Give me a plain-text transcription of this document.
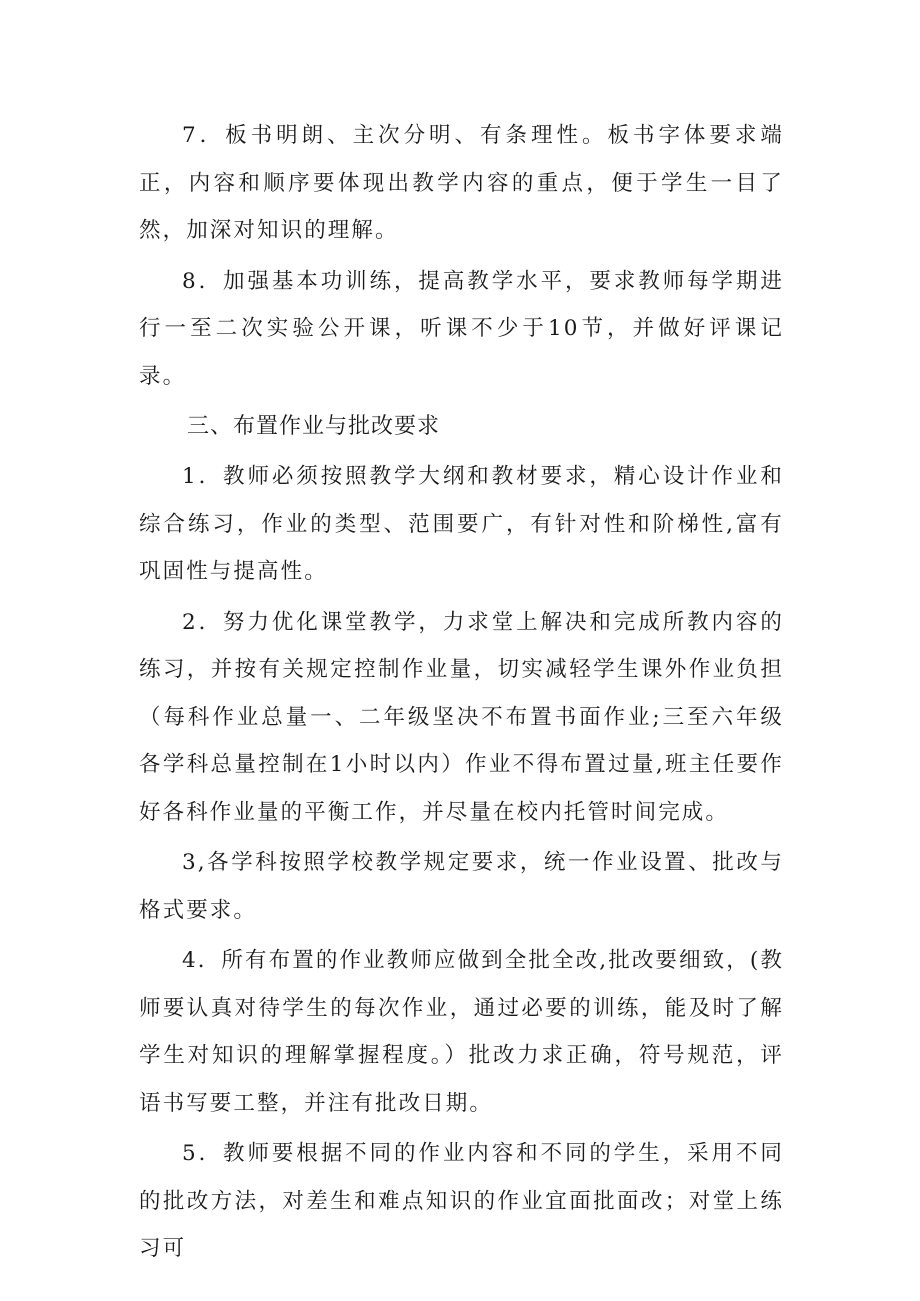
7．板书明朗、主次分明、有条理性。板书字体要求端正，内容和顺序要体现出教学内容的重点，便于学生一目了然，加深对知识的理解。

8．加强基本功训练，提高教学水平，要求教师每学期进行一至二次实验公开课，听课不少于10节，并做好评课记录。

三、布置作业与批改要求

1．教师必须按照教学大纲和教材要求，精心设计作业和综合练习，作业的类型、范围要广，有针对性和阶梯性,富有巩固性与提高性。

2．努力优化课堂教学，力求堂上解决和完成所教内容的练习，并按有关规定控制作业量，切实减轻学生课外作业负担（每科作业总量一、二年级坚决不布置书面作业;三至六年级各学科总量控制在1小时以内）作业不得布置过量,班主任要作好各科作业量的平衡工作，并尽量在校内托管时间完成。

3,各学科按照学校教学规定要求，统一作业设置、批改与格式要求。

4．所有布置的作业教师应做到全批全改,批改要细致，(教师要认真对待学生的每次作业，通过必要的训练，能及时了解学生对知识的理解掌握程度。）批改力求正确，符号规范，评语书写要工整，并注有批改日期。

5．教师要根据不同的作业内容和不同的学生，采用不同的批改方法，对差生和难点知识的作业宜面批面改；对堂上练习可
